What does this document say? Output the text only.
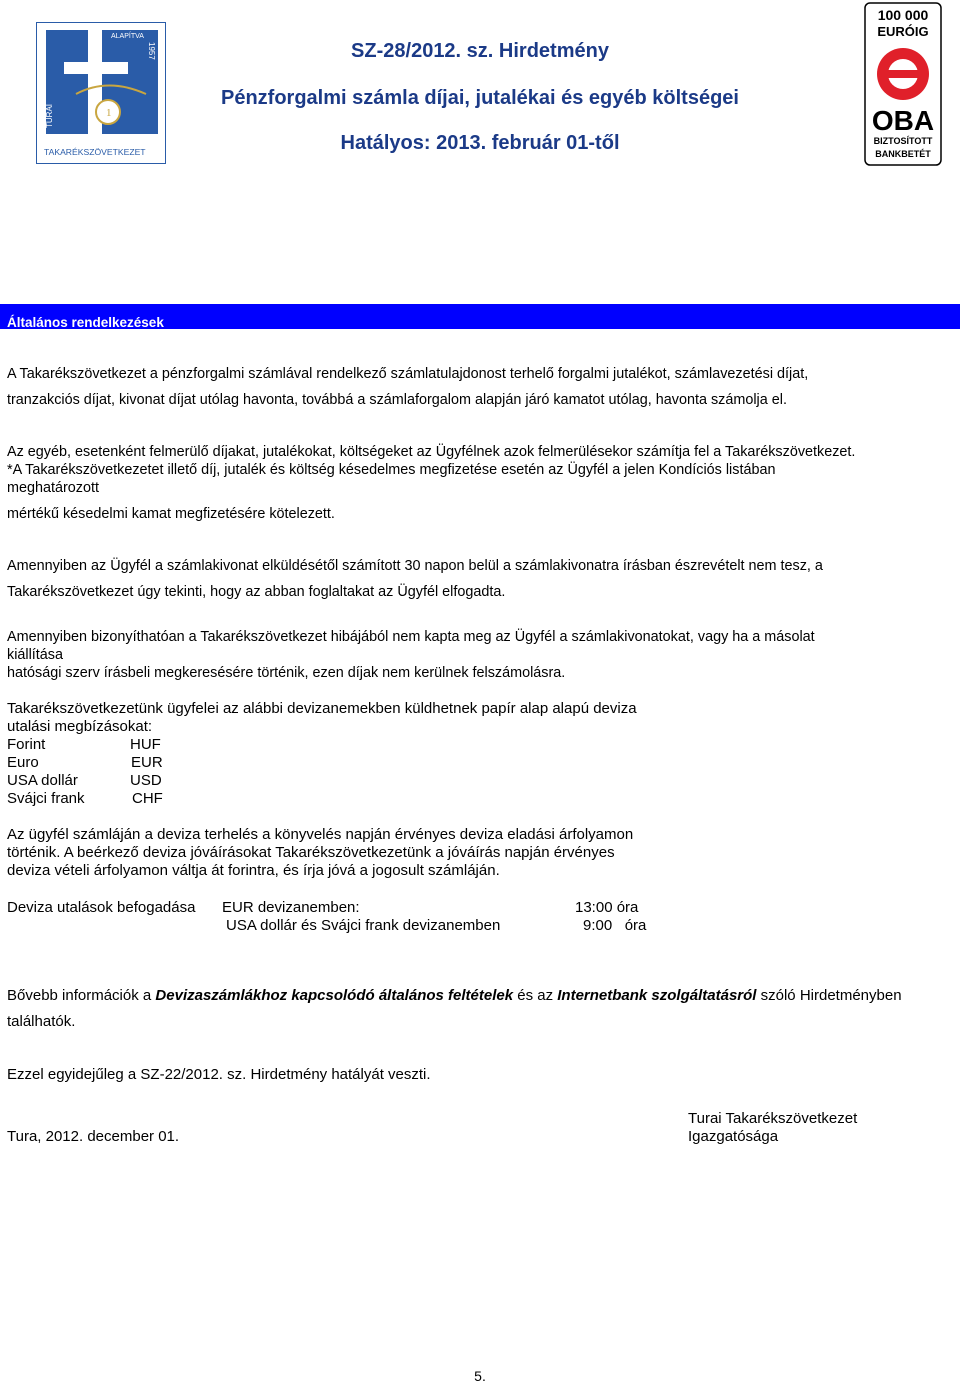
1
ALAPÍTVA
1957
TURAI
TAKARÉKSZÖVETKEZET
SZ-28/2012. sz. Hirdetmény
Pénzforgalmi számla díjai, jutalékai és egyéb költségei
Hatályos: 2013. február 01-től
100 000
EURÓIG
OBA
BIZTOSÍTOTT
BANKBETÉT
Általános rendelkezések
A Takarékszövetkezet a pénzforgalmi számlával rendelkező számlatulajdonost terhelő forgalmi jutalékot, számlavezetési díjat,
tranzakciós díjat, kivonat díjat utólag havonta, továbbá a számlaforgalom alapján járó kamatot utólag, havonta számolja el.
Az egyéb, esetenként felmerülő díjakat, jutalékokat, költségeket az Ügyfélnek azok felmerülésekor számítja fel a Takarékszövetkezet.
*A Takarékszövetkezetet illető díj, jutalék és költség késedelmes megfizetése esetén az Ügyfél a jelen Kondíciós listában
meghatározott
mértékű késedelmi kamat megfizetésére kötelezett.
Amennyiben az Ügyfél a számlakivonat elküldésétől számított 30 napon belül a számlakivonatra írásban észrevételt nem tesz, a
Takarékszövetkezet úgy tekinti, hogy az abban foglaltakat az Ügyfél elfogadta.
Amennyiben bizonyíthatóan a Takarékszövetkezet hibájából nem kapta meg az Ügyfél a számlakivonatokat, vagy ha a másolat
kiállítása
hatósági szerv írásbeli megkeresésére történik, ezen díjak nem kerülnek felszámolásra.
Takarékszövetkezetünk ügyfelei az alábbi devizanemekben küldhetnek papír alap alapú deviza
utalási megbízásokat:
Forint	HUF
Euro	EUR
USA dollár	USD
Svájci frank	CHF
Az ügyfél számláján a deviza terhelés a könyvelés napján érvényes deviza eladási árfolyamon
történik. A beérkező deviza jóváírásokat Takarékszövetkezetünk a jóváírás napján érvényes
deviza vételi árfolyamon váltja át forintra, és írja jóvá a jogosult számláján.
Deviza utalások befogadása EUR devizanemben:	13:00 óra
USA dollár és Svájci frank devizanemben	9:00   óra
Bővebb információk a Devizaszámlákhoz kapcsolódó általános feltételek és az Internetbank szolgáltatásról szóló Hirdetményben
találhatók.
Ezzel egyidejűleg a SZ-22/2012. sz. Hirdetmény hatályát veszti.
Turai Takarékszövetkezet
Tura, 2012. december 01.	Igazgatósága
5.
